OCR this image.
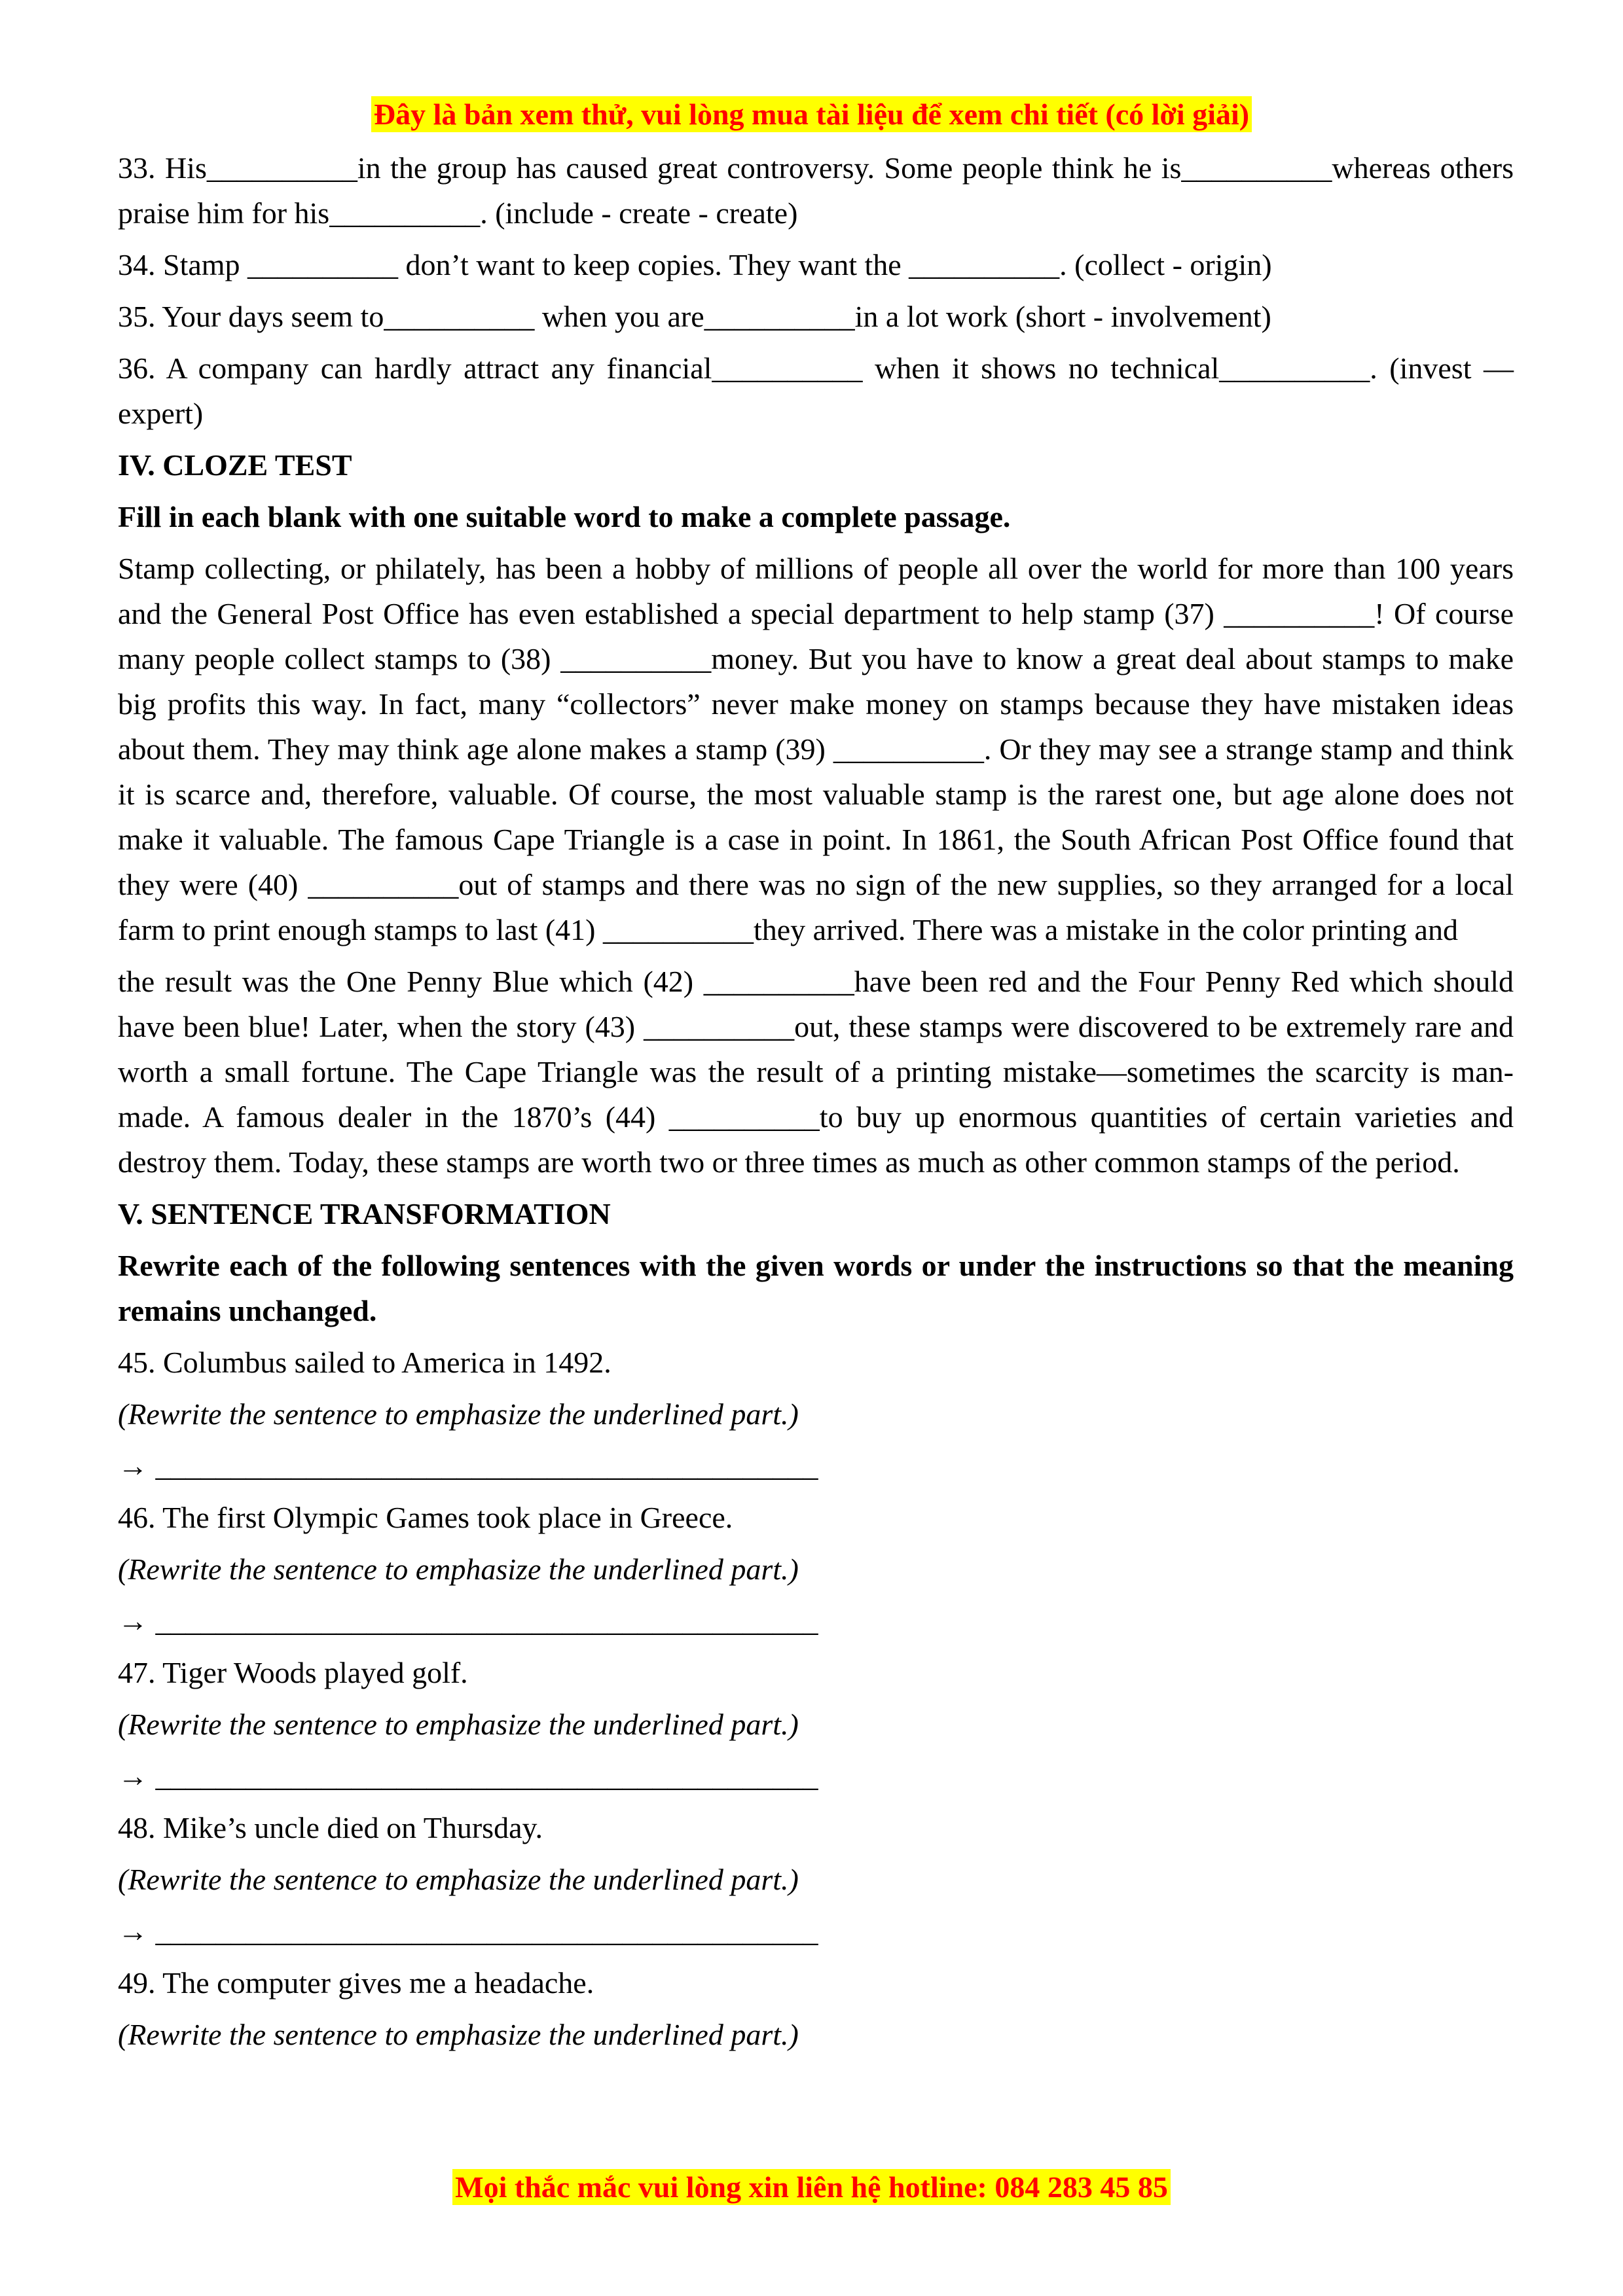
Đây là bản xem thử, vui lòng mua tài liệu để xem chi tiết (có lời giải)

33. His__________in the group has caused great controversy. Some people think he is__________whereas others praise him for his__________. (include - create - create)

34. Stamp __________ don’t want to keep copies. They want the __________. (collect - origin)

35. Your days seem to__________ when you are__________in a lot work (short - involvement)

36. A company can hardly attract any financial__________ when it shows no technical__________. (invest — expert)

IV. CLOZE TEST

Fill in each blank with one suitable word to make a complete passage.

Stamp collecting, or philately, has been a hobby of millions of people all over the world for more than 100 years and the General Post Office has even established a special department to help stamp (37) __________! Of course many people collect stamps to (38) __________money. But you have to know a great deal about stamps to make big profits this way. In fact, many “collectors” never make money on stamps because they have mistaken ideas about them. They may think age alone makes a stamp (39) __________. Or they may see a strange stamp and think it is scarce and, therefore, valuable. Of course, the most valuable stamp is the rarest one, but age alone does not make it valuable. The famous Cape Triangle is a case in point. In 1861, the South African Post Office found that they were (40) __________out of stamps and there was no sign of the new supplies, so they arranged for a local farm to print enough stamps to last (41) __________they arrived. There was a mistake in the color printing and

the result was the One Penny Blue which (42) __________have been red and the Four Penny Red which should have been blue! Later, when the story (43) __________out, these stamps were discovered to be extremely rare and worth a small fortune. The Cape Triangle was the result of a printing mistake—sometimes the scarcity is man-made. A famous dealer in the 1870’s (44) __________to buy up enormous quantities of certain varieties and destroy them. Today, these stamps are worth two or three times as much as other common stamps of the period.

V. SENTENCE TRANSFORMATION

Rewrite each of the following sentences with the given words or under the instructions so that the meaning remains unchanged.

45. Columbus sailed to America in 1492.
(Rewrite the sentence to emphasize the underlined part.)
→ ____________________________________________
46. The first Olympic Games took place in Greece.
(Rewrite the sentence to emphasize the underlined part.)
→ ____________________________________________
47. Tiger Woods played golf.
(Rewrite the sentence to emphasize the underlined part.)
→ ____________________________________________
48. Mike’s uncle died on Thursday.
(Rewrite the sentence to emphasize the underlined part.)
→ ____________________________________________
49. The computer gives me a headache.
(Rewrite the sentence to emphasize the underlined part.)
Mọi thắc mắc vui lòng xin liên hệ hotline: 084 283 45 85
